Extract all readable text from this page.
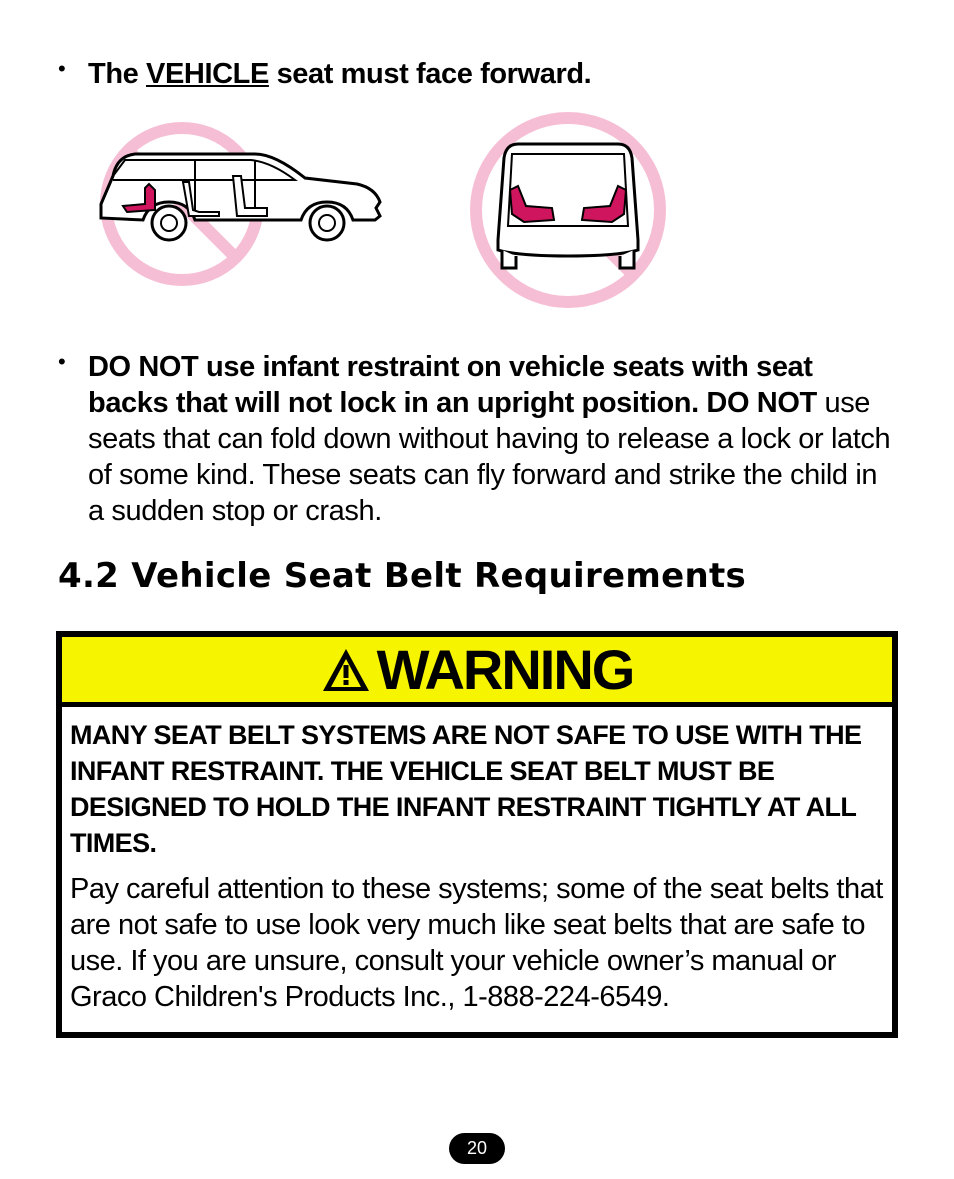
• The VEHICLE seat must face forward.
• DO NOT use infant restraint on vehicle seats with seat backs that will not lock in an upright position. DO NOT use seats that can fold down without having to release a lock or latch of some kind. These seats can fly forward and strike the child in a sudden stop or crash.
4.2 Vehicle Seat Belt Requirements
WARNING
MANY SEAT BELT SYSTEMS ARE NOT SAFE TO USE WITH THE INFANT RESTRAINT. THE VEHICLE SEAT BELT MUST BE DESIGNED TO HOLD THE INFANT RESTRAINT TIGHTLY AT ALL TIMES.
Pay careful attention to these systems; some of the seat belts that are not safe to use look very much like seat belts that are safe to use. If you are unsure, consult your vehicle owner’s manual or Graco Children's Products Inc., 1-888-224-6549.
20
